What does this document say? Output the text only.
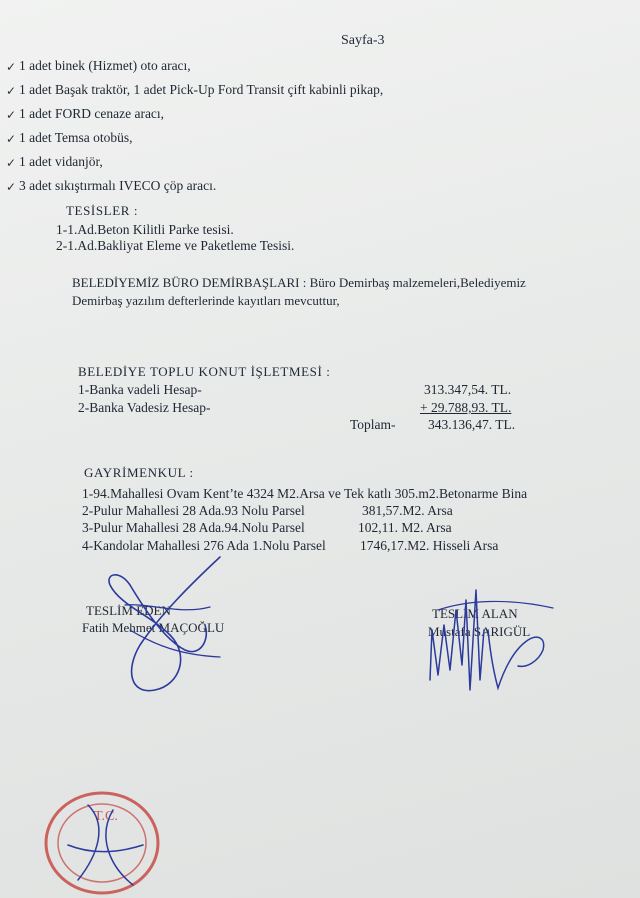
Sayfa-3
✓ 1 adet binek (Hizmet) oto aracı,
✓ 1 adet Başak traktör, 1 adet Pick-Up Ford Transit çift kabinli pikap,
✓ 1 adet FORD cenaze aracı,
✓ 1 adet Temsa otobüs,
✓ 1 adet vidanjör,
✓ 3 adet sıkıştırmalı IVECO çöp aracı.
TESİSLER :
1-1.Ad.Beton Kilitli Parke tesisi.
2-1.Ad.Bakliyat Eleme ve Paketleme Tesisi.
BELEDİYEMİZ BÜRO DEMİRBAŞLARI : Büro Demirbaş malzemeleri,Belediyemiz
Demirbaş yazılım defterlerinde kayıtları mevcuttur,
BELEDİYE TOPLU KONUT İŞLETMESİ :
1-Banka vadeli Hesap-	313.347,54. TL.
2-Banka Vadesiz Hesap-	+ 29.788,93. TL.
Toplam- 343.136,47. TL.
GAYRİMENKUL :
1-94.Mahallesi Ovam Kent’te 4324 M2.Arsa ve Tek katlı 305.m2.Betonarme Bina
2-Pulur Mahallesi 28 Ada.93 Nolu Parsel	381,57.M2. Arsa
3-Pulur Mahallesi 28 Ada.94.Nolu Parsel	102,11. M2. Arsa
4-Kandolar Mahallesi 276 Ada 1.Nolu Parsel	1746,17.M2. Hisseli Arsa
TESLİM EDEN
Fatih Mehmet MAÇOĞLU
TESLİM ALAN
Mustafa SARIGÜL
T.C.
